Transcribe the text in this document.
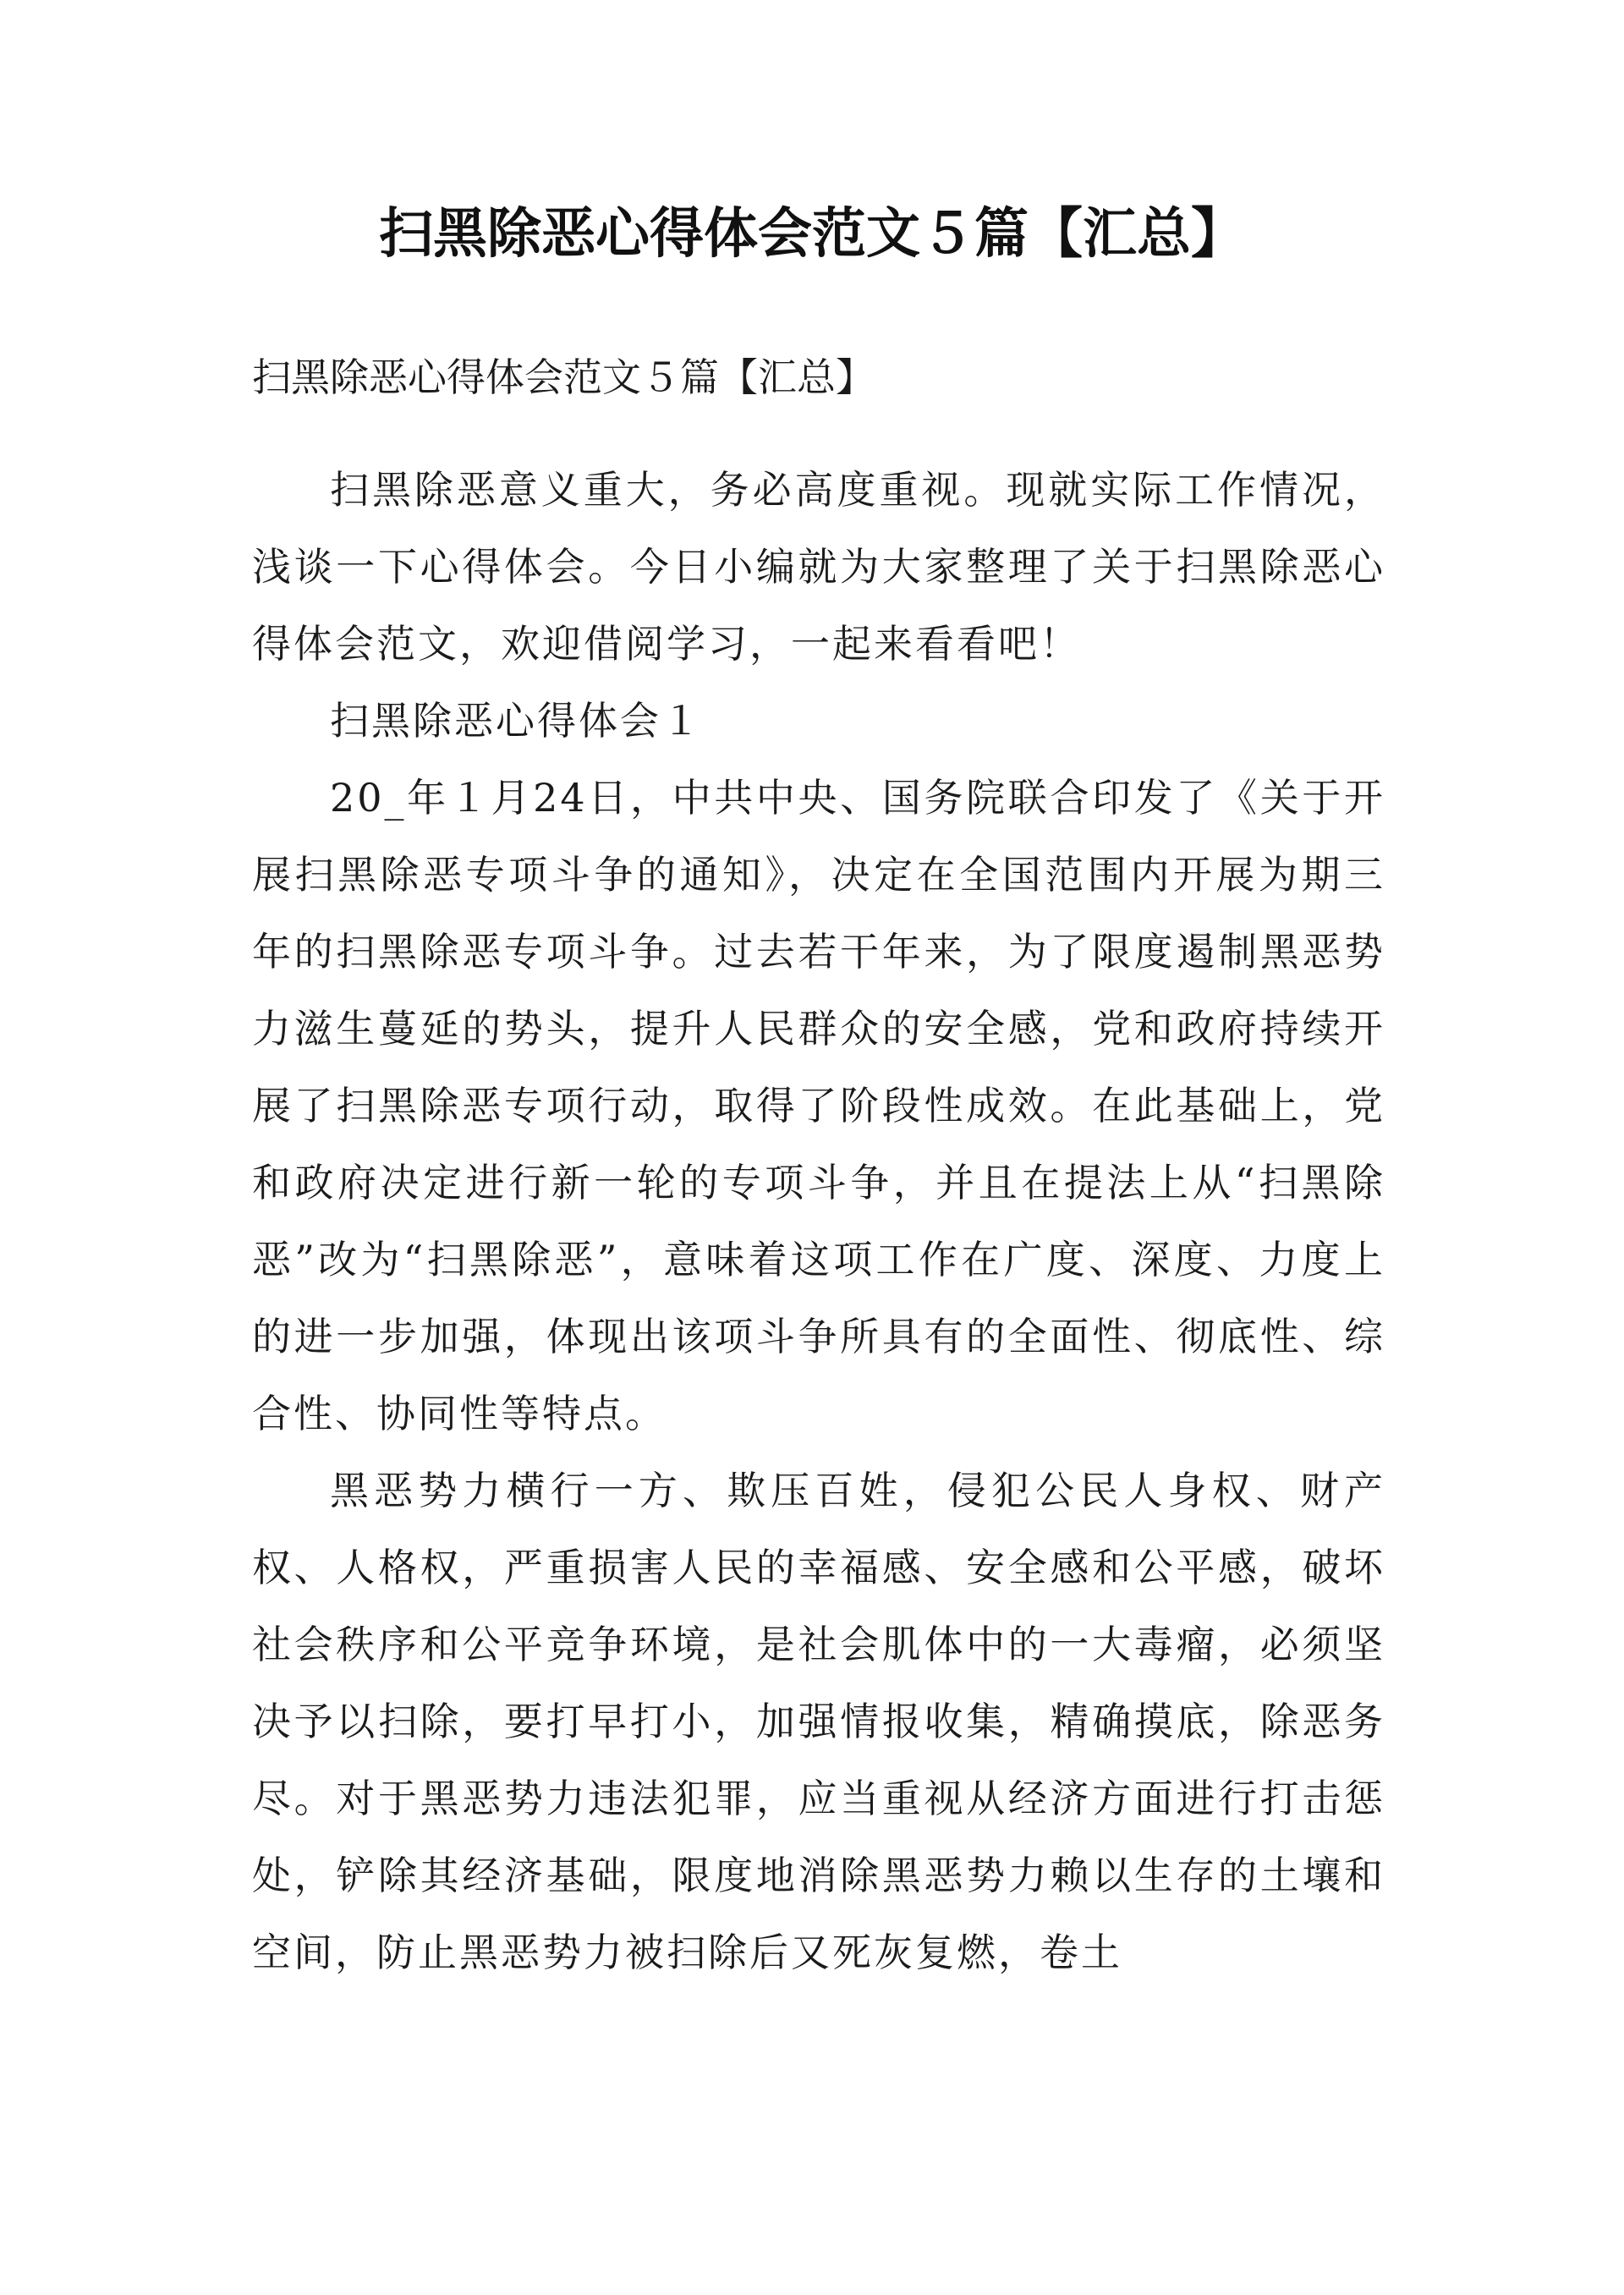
扫黑除恶心得体会范文５篇【汇总】
扫黑除恶心得体会范文５篇【汇总】

扫黑除恶意义重大，务必高度重视。现就实际工作情况，浅谈一下心得体会。今日小编就为大家整理了关于扫黑除恶心得体会范文，欢迎借阅学习，一起来看看吧！

扫黑除恶心得体会１

20_年１月24日，中共中央、国务院联合印发了《关于开展扫黑除恶专项斗争的通知》，决定在全国范围内开展为期三年的扫黑除恶专项斗争。过去若干年来，为了限度遏制黑恶势力滋生蔓延的势头，提升人民群众的安全感，党和政府持续开展了扫黑除恶专项行动，取得了阶段性成效。在此基础上，党和政府决定进行新一轮的专项斗争，并且在提法上从“扫黑除恶”改为“扫黑除恶”，意味着这项工作在广度、深度、力度上的进一步加强，体现出该项斗争所具有的全面性、彻底性、综合性、协同性等特点。

黑恶势力横行一方、欺压百姓，侵犯公民人身权、财产权、人格权，严重损害人民的幸福感、安全感和公平感，破坏社会秩序和公平竞争环境，是社会肌体中的一大毒瘤，必须坚决予以扫除，要打早打小，加强情报收集，精确摸底，除恶务尽。对于黑恶势力违法犯罪，应当重视从经济方面进行打击惩处，铲除其经济基础，限度地消除黑恶势力赖以生存的土壤和空间，防止黑恶势力被扫除后又死灰复燃，卷土
